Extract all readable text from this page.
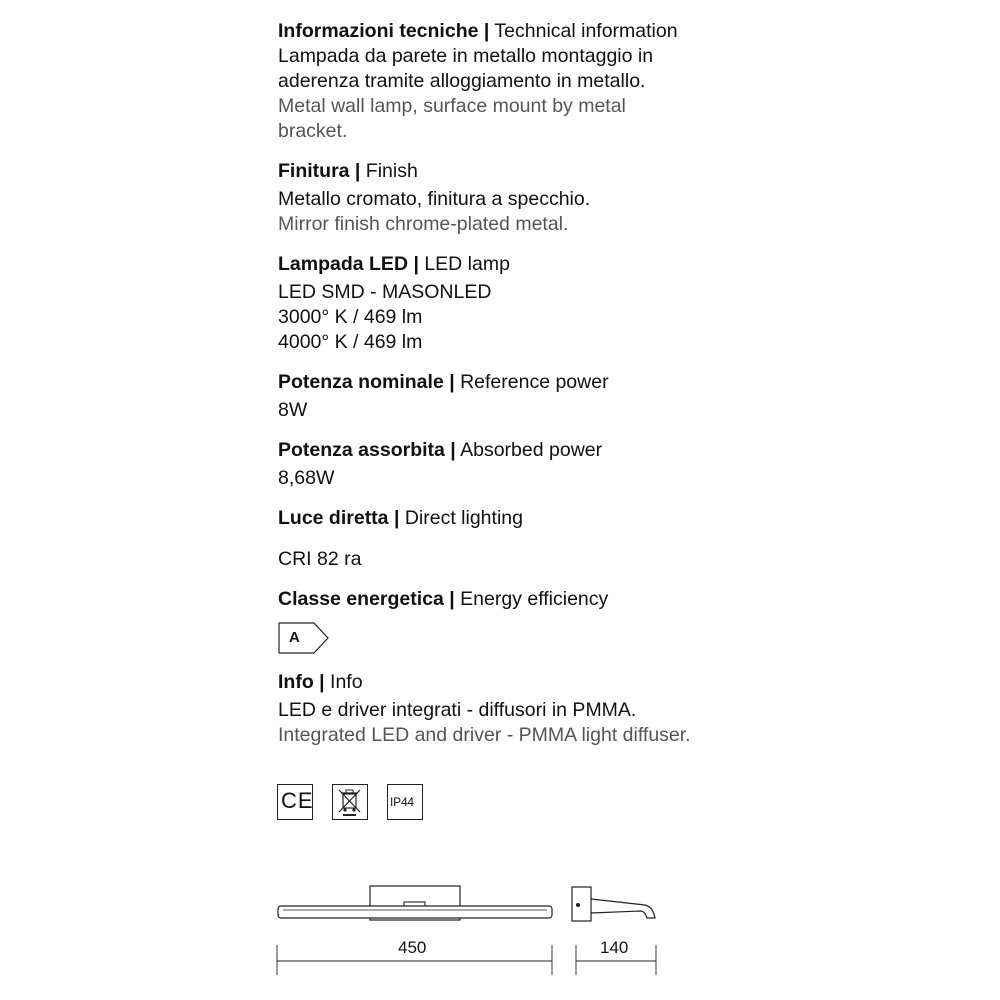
Informazioni tecniche | Technical information
Lampada da parete in metallo montaggio in
aderenza tramite alloggiamento in metallo.
Metal wall lamp, surface mount by metal
bracket.
Finitura | Finish
Metallo cromato, finitura a specchio.
Mirror finish chrome-plated metal.
Lampada LED | LED lamp
LED SMD - MASONLED
3000° K / 469 lm
4000° K / 469 lm
Potenza nominale | Reference power
8W
Potenza assorbita | Absorbed power
8,68W
Luce diretta | Direct lighting
CRI 82 ra
Classe energetica | Energy efficiency
Info | Info
LED e driver integrati - diffusori in PMMA.
Integrated LED and driver - PMMA light diffuser.
A
CE	IP44
450	140
